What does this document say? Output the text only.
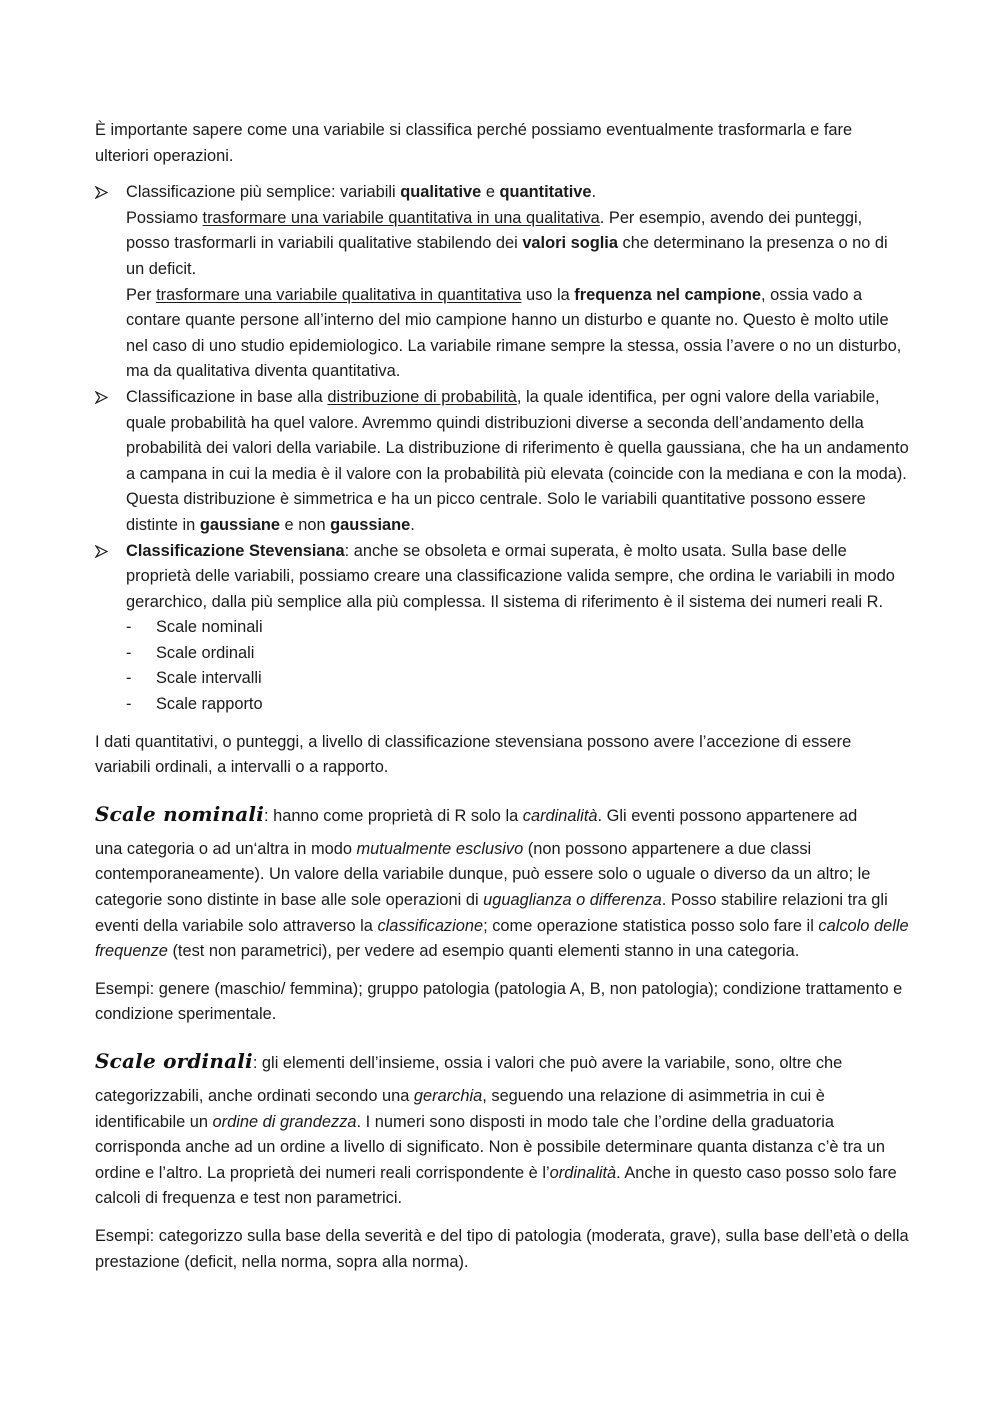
È importante sapere come una variabile si classifica perché possiamo eventualmente trasformarla e fare ulteriori operazioni.

Classificazione più semplice: variabili qualitative e quantitative.

Possiamo trasformare una variabile quantitativa in una qualitativa. Per esempio, avendo dei punteggi, posso trasformarli in variabili qualitative stabilendo dei valori soglia che determinano la presenza o no di un deficit.

Per trasformare una variabile qualitativa in quantitativa uso la frequenza nel campione, ossia vado a contare quante persone all’interno del mio campione hanno un disturbo e quante no. Questo è molto utile nel caso di uno studio epidemiologico. La variabile rimane sempre la stessa, ossia l’avere o no un disturbo, ma da qualitativa diventa quantitativa.

Classificazione in base alla distribuzione di probabilità, la quale identifica, per ogni valore della variabile, quale probabilità ha quel valore. Avremmo quindi distribuzioni diverse a seconda dell’andamento della probabilità dei valori della variabile. La distribuzione di riferimento è quella gaussiana, che ha un andamento a campana in cui la media è il valore con la probabilità più elevata (coincide con la mediana e con la moda). Questa distribuzione è simmetrica e ha un picco centrale. Solo le variabili quantitative possono essere distinte in gaussiane e non gaussiane.

Classificazione Stevensiana: anche se obsoleta e ormai superata, è molto usata. Sulla base delle proprietà delle variabili, possiamo creare una classificazione valida sempre, che ordina le variabili in modo gerarchico, dalla più semplice alla più complessa. Il sistema di riferimento è il sistema dei numeri reali R.

- Scale nominali
- Scale ordinali
- Scale intervalli
- Scale rapporto

I dati quantitativi, o punteggi, a livello di classificazione stevensiana possono avere l’accezione di essere variabili ordinali, a intervalli o a rapporto.

Scale nominali: hanno come proprietà di R solo la cardinalità. Gli eventi possono appartenere ad

una categoria o ad un‘altra in modo mutualmente esclusivo (non possono appartenere a due classi contemporaneamente). Un valore della variabile dunque, può essere solo o uguale o diverso da un altro; le categorie sono distinte in base alle sole operazioni di uguaglianza o differenza. Posso stabilire relazioni tra gli eventi della variabile solo attraverso la classificazione; come operazione statistica posso solo fare il calcolo delle frequenze (test non parametrici), per vedere ad esempio quanti elementi stanno in una categoria.

Esempi: genere (maschio/ femmina); gruppo patologia (patologia A, B, non patologia); condizione trattamento e condizione sperimentale.

Scale ordinali: gli elementi dell’insieme, ossia i valori che può avere la variabile, sono, oltre che

categorizzabili, anche ordinati secondo una gerarchia, seguendo una relazione di asimmetria in cui è identificabile un ordine di grandezza. I numeri sono disposti in modo tale che l’ordine della graduatoria corrisponda anche ad un ordine a livello di significato. Non è possibile determinare quanta distanza c’è tra un ordine e l’altro. La proprietà dei numeri reali corrispondente è l’ordinalità. Anche in questo caso posso solo fare calcoli di frequenza e test non parametrici.

Esempi: categorizzo sulla base della severità e del tipo di patologia (moderata, grave), sulla base dell’età o della prestazione (deficit, nella norma, sopra alla norma).
